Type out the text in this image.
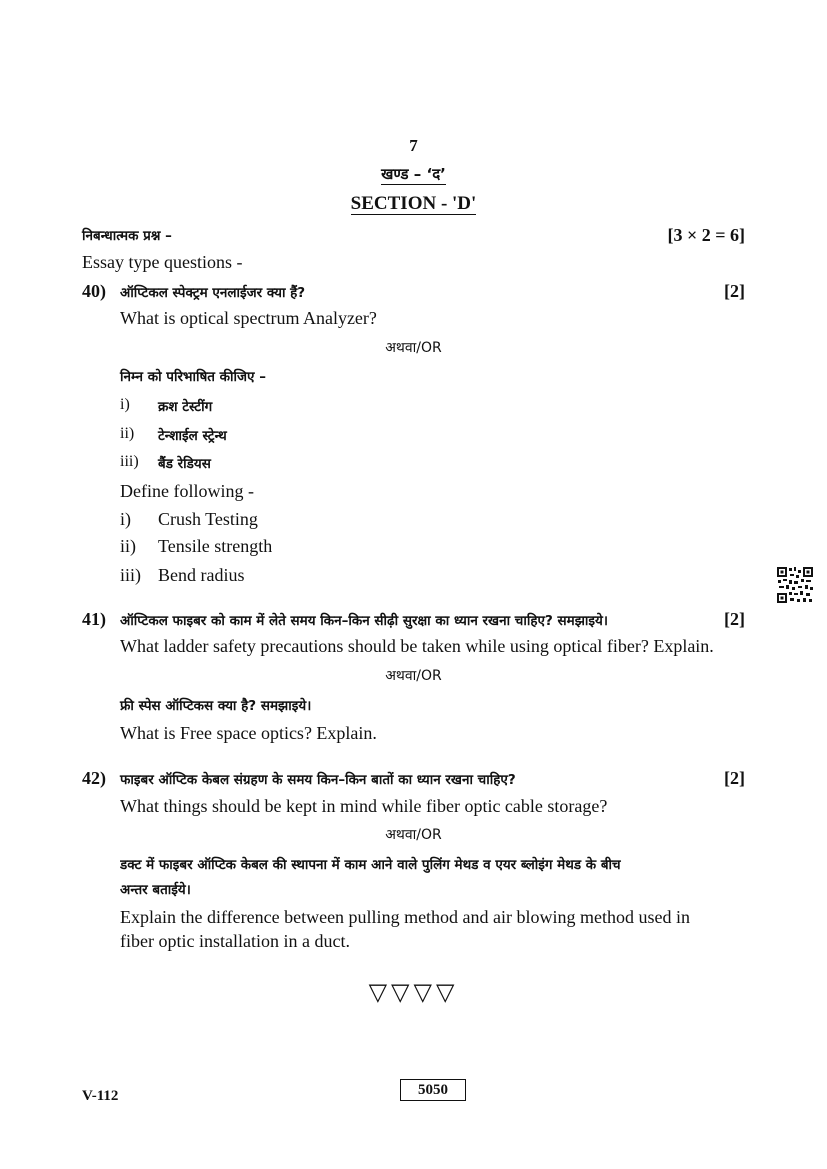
7
खण्ड – ‘द’
SECTION - 'D'
निबन्धात्मक प्रश्न –	[3 × 2 = 6]
Essay type questions -
40) ऑप्टिकल स्पेक्ट्रम एनलाईजर क्या हैं?	[2]
What is optical spectrum Analyzer?
अथवा/OR
निम्न को परिभाषित कीजिए –
i) क्रश टेस्टींग
ii) टेन्शाईल स्ट्रेन्थ
iii) बैंड रेडियस
Define following -
i) Crush Testing
ii) Tensile strength
iii) Bend radius
41) ऑप्टिकल फाइबर को काम में लेते समय किन–किन सीढ़ी सुरक्षा का ध्यान रखना चाहिए? समझाइये।	[2]
What ladder safety precautions should be taken while using optical fiber? Explain.
अथवा/OR
फ्री स्पेस ऑप्टिकस क्या है? समझाइये।
What is Free space optics? Explain.
42) फाइबर ऑप्टिक केबल संग्रहण के समय किन–किन बातों का ध्यान रखना चाहिए?	[2]
What things should be kept in mind while fiber optic cable storage?
अथवा/OR
डक्ट में फाइबर ऑप्टिक केबल की स्थापना में काम आने वाले पुलिंग मेथड व एयर ब्लोइंग मेथड के बीच
अन्तर बताईये।
Explain the difference between pulling method and air blowing method used in
fiber optic installation in a duct.
▽▽▽▽
V-112	5050
